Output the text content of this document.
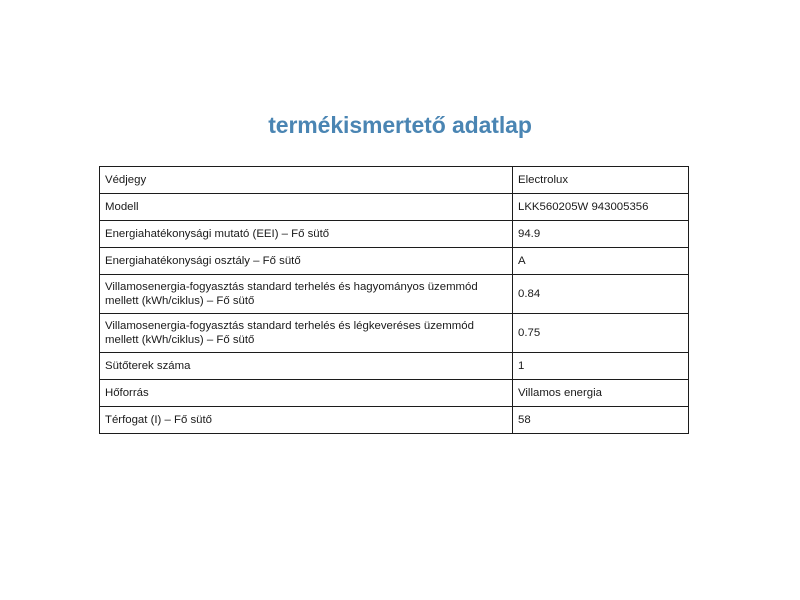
termékismertető adatlap
Védjegy	Electrolux
Modell	LKK560205W 943005356
Energiahatékonysági mutató (EEI) – Fő sütő	94.9
Energiahatékonysági osztály – Fő sütő	A
Villamosenergia-fogyasztás standard terhelés és hagyományos üzemmód mellett (kWh/ciklus) – Fő sütő	0.84
Villamosenergia-fogyasztás standard terhelés és légkeveréses üzemmód mellett (kWh/ciklus) – Fő sütő	0.75
Sütőterek száma	1
Hőforrás	Villamos energia
Térfogat (I) – Fő sütő	58
